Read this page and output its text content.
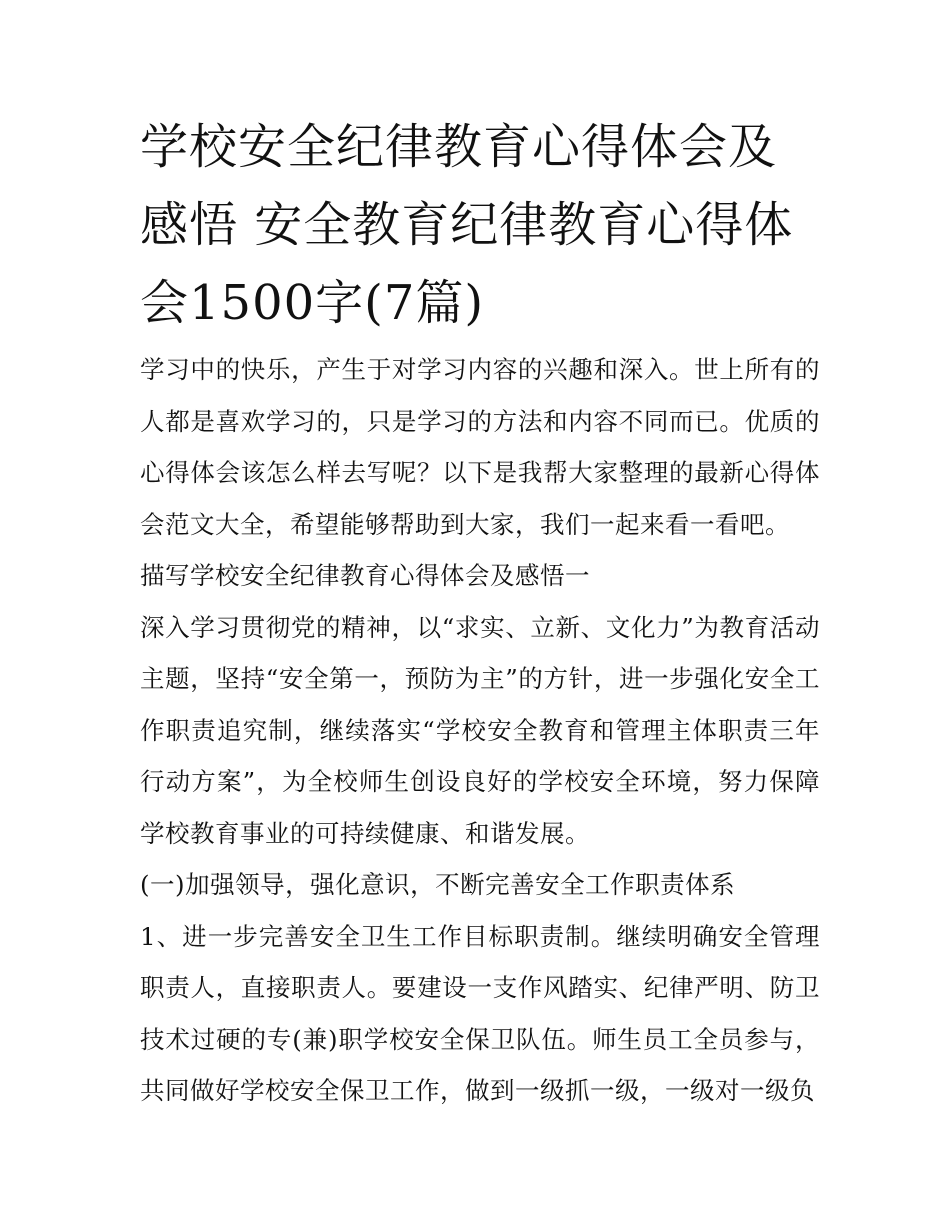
学校安全纪律教育心得体会及感悟 安全教育纪律教育心得体会1500字(7篇)

学习中的快乐，产生于对学习内容的兴趣和深入。世上所有的人都是喜欢学习的，只是学习的方法和内容不同而已。优质的心得体会该怎么样去写呢？以下是我帮大家整理的最新心得体会范文大全，希望能够帮助到大家，我们一起来看一看吧。

描写学校安全纪律教育心得体会及感悟一

深入学习贯彻党的精神，以“求实、立新、文化力”为教育活动主题，坚持“安全第一，预防为主”的方针，进一步强化安全工作职责追究制，继续落实“学校安全教育和管理主体职责三年行动方案”，为全校师生创设良好的学校安全环境，努力保障学校教育事业的可持续健康、和谐发展。

(一)加强领导，强化意识，不断完善安全工作职责体系

1、进一步完善安全卫生工作目标职责制。继续明确安全管理职责人，直接职责人。要建设一支作风踏实、纪律严明、防卫技术过硬的专(兼)职学校安全保卫队伍。师生员工全员参与，共同做好学校安全保卫工作，做到一级抓一级，一级对一级负
